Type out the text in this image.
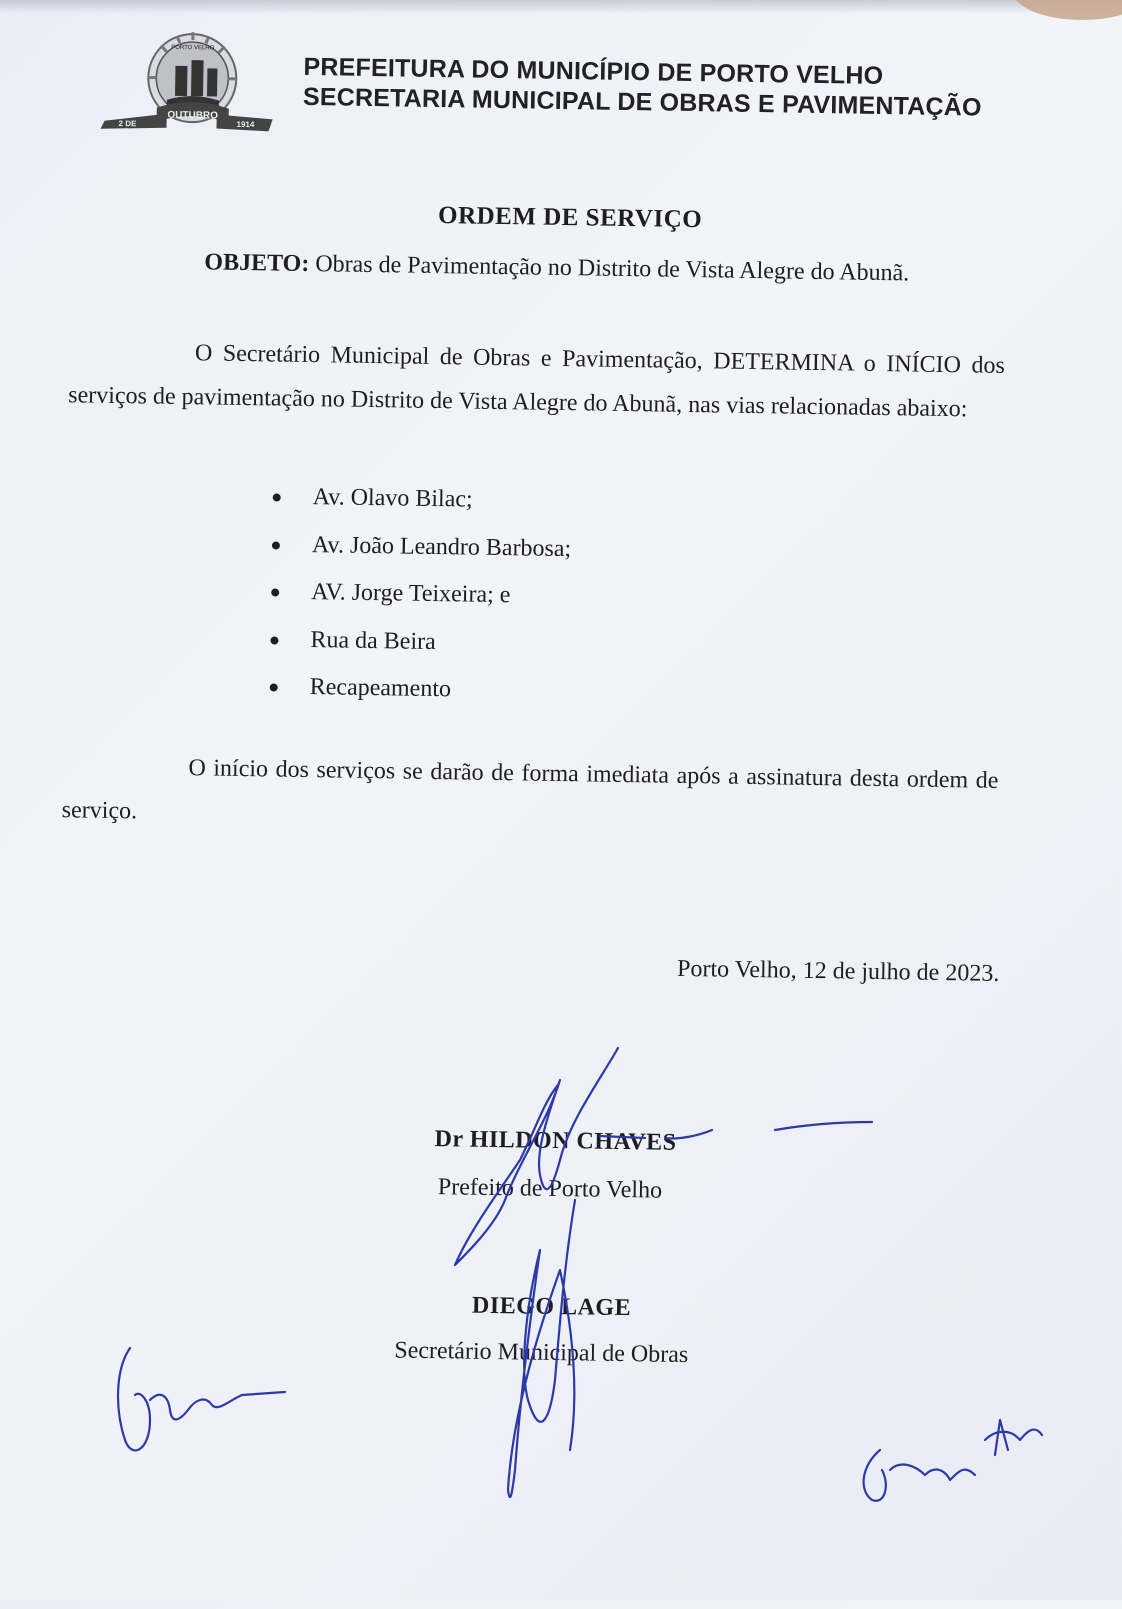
PORTO VELHO
OUTUBRO
2 DE	1914
PREFEITURA DO MUNICÍPIO DE PORTO VELHO
SECRETARIA MUNICIPAL DE OBRAS E PAVIMENTAÇÃO
ORDEM DE SERVIÇO
OBJETO: Obras de Pavimentação no Distrito de Vista Alegre do Abunã.
O Secretário Municipal de Obras e Pavimentação, DETERMINA o INÍCIO dos serviços de pavimentação no Distrito de Vista Alegre do Abunã, nas vias relacionadas abaixo:
Av. Olavo Bilac;
Av. João Leandro Barbosa;
AV. Jorge Teixeira; e
Rua da Beira
Recapeamento
O início dos serviços se darão de forma imediata após a assinatura desta ordem de serviço.
Porto Velho, 12 de julho de 2023.
Dr HILDON CHAVES
Prefeito de Porto Velho
DIEGO LAGE
Secretário Municipal de Obras
